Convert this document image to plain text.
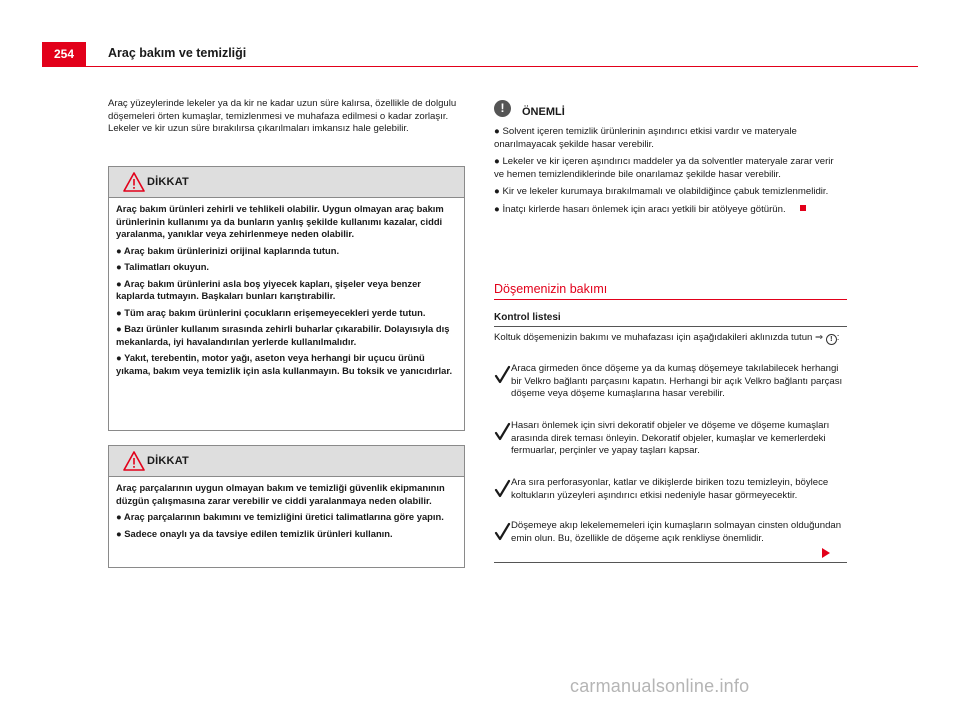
254	Araç bakım ve temizliği

Araç yüzeylerinde lekeler ya da kir ne kadar uzun süre kalırsa, özellikle de dolgulu döşemeleri örten kumaşlar, temizlenmesi ve muhafaza edilmesi o kadar zorlaşır. Lekeler ve kir uzun süre bırakılırsa çıkarılmaları imkansız hale gelebilir.

DİKKAT

Araç bakım ürünleri zehirli ve tehlikeli olabilir. Uygun olmayan araç bakım ürünlerinin kullanımı ya da bunların yanlış şekilde kullanımı kazalar, ciddi yaralanma, yanıklar veya zehirlenmeye neden olabilir.

● Araç bakım ürünlerinizi orijinal kaplarında tutun.

● Talimatları okuyun.

● Araç bakım ürünlerini asla boş yiyecek kapları, şişeler veya benzer kaplarda tutmayın. Başkaları bunları karıştırabilir.

● Tüm araç bakım ürünlerini çocukların erişemeyecekleri yerde tutun.

● Bazı ürünler kullanım sırasında zehirli buharlar çıkarabilir. Dolayısıyla dış mekanlarda, iyi havalandırılan yerlerde kullanılmalıdır.

● Yakıt, terebentin, motor yağı, aseton veya herhangi bir uçucu ürünü yıkama, bakım veya temizlik için asla kullanmayın. Bu toksik ve yanıcıdırlar.

DİKKAT

Araç parçalarının uygun olmayan bakım ve temizliği güvenlik ekipmanının düzgün çalışmasına zarar verebilir ve ciddi yaralanmaya neden olabilir.

● Araç parçalarının bakımını ve temizliğini üretici talimatlarına göre yapın.

● Sadece onaylı ya da tavsiye edilen temizlik ürünleri kullanın.

!	ÖNEMLİ

● Solvent içeren temizlik ürünlerinin aşındırıcı etkisi vardır ve materyale onarılmayacak şekilde hasar verebilir.

● Lekeler ve kir içeren aşındırıcı maddeler ya da solventler materyale zarar verir ve hemen temizlendiklerinde bile onarılamaz şekilde hasar verebilir.

● Kir ve lekeler kurumaya bırakılmamalı ve olabildiğince çabuk temizlenmelidir.

● İnatçı kirlerde hasarı önlemek için aracı yetkili bir atölyeye götürün.

Döşemenizin bakımı
Kontrol listesi
Koltuk döşemenizin bakımı ve muhafazası için aşağıdakileri aklınızda tutun ⇒ ! :
Araca girmeden önce döşeme ya da kumaş döşemeye takılabilecek herhangi bir Velkro bağlantı parçasını kapatın. Herhangi bir açık Velkro bağlantı parçası döşeme veya döşeme kumaşlarına hasar verebilir.
Hasarı önlemek için sivri dekoratif objeler ve döşeme ve döşeme kumaşları arasında direk teması önleyin. Dekoratif objeler, kumaşlar ve kemerlerdeki fermuarlar, perçinler ve yapay taşları kapsar.
Ara sıra perforasyonlar, katlar ve dikişlerde biriken tozu temizleyin, böylece koltukların yüzeyleri aşındırıcı etkisi nedeniyle hasar görmeyecektir.
Döşemeye akıp lekelememeleri için kumaşların solmayan cinsten olduğundan emin olun. Bu, özellikle de döşeme açık renkliyse önemlidir.
carmanualsonline.info
